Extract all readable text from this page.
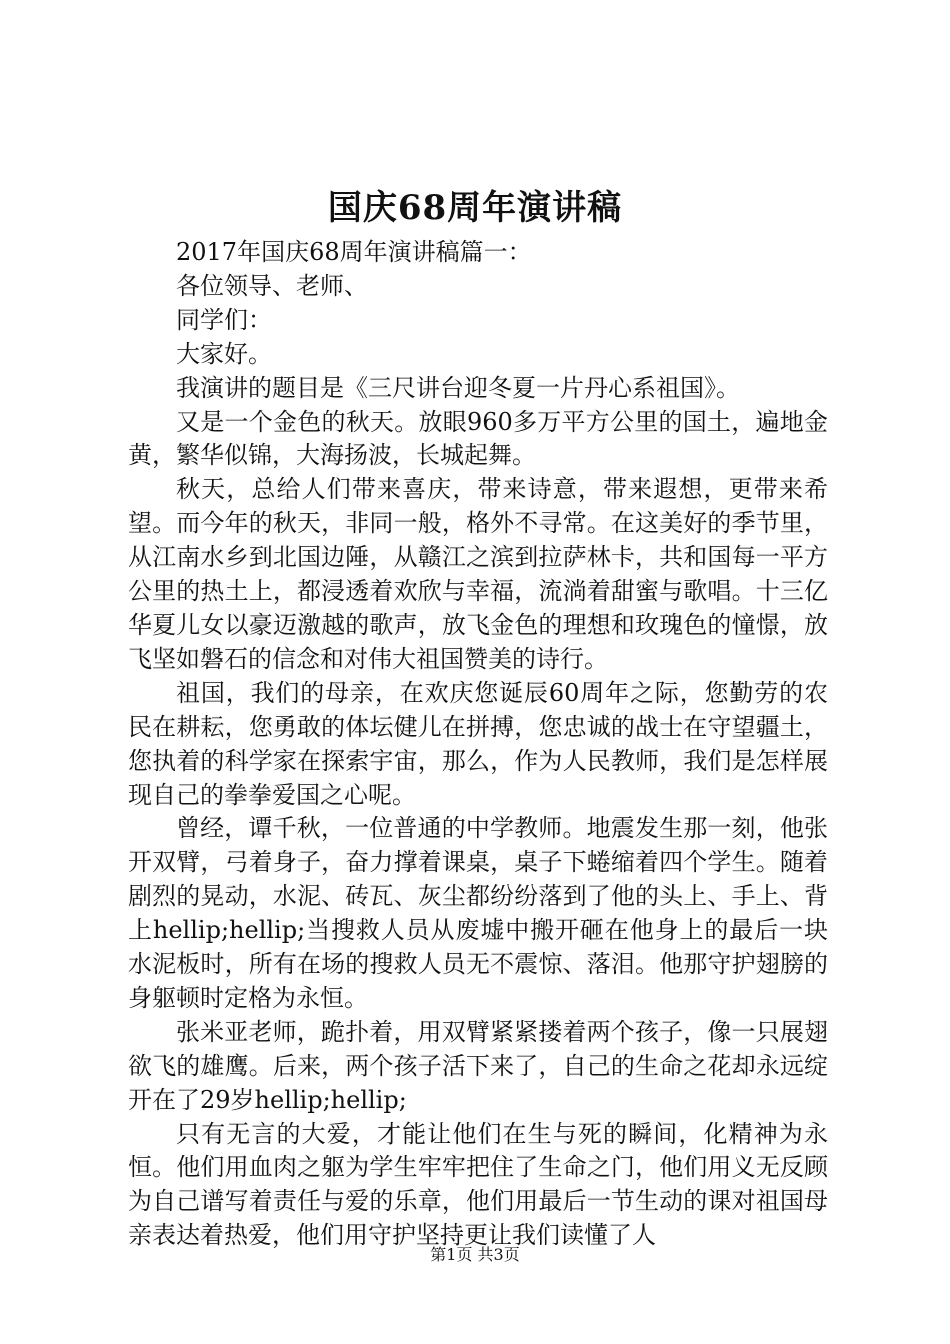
国庆68周年演讲稿

2017年国庆68周年演讲稿篇一：

各位领导、老师、

同学们：

大家好。

我演讲的题目是《三尺讲台迎冬夏一片丹心系祖国》。

又是一个金色的秋天。放眼960多万平方公里的国土，遍地金黄，繁华似锦，大海扬波，长城起舞。

秋天，总给人们带来喜庆，带来诗意，带来遐想，更带来希望。而今年的秋天，非同一般，格外不寻常。在这美好的季节里，从江南水乡到北国边陲，从赣江之滨到拉萨林卡，共和国每一平方公里的热土上，都浸透着欢欣与幸福，流淌着甜蜜与歌唱。十三亿华夏儿女以豪迈激越的歌声，放飞金色的理想和玫瑰色的憧憬，放飞坚如磐石的信念和对伟大祖国赞美的诗行。

祖国，我们的母亲，在欢庆您诞辰60周年之际，您勤劳的农民在耕耘，您勇敢的体坛健儿在拼搏，您忠诚的战士在守望疆土，您执着的科学家在探索宇宙，那么，作为人民教师，我们是怎样展现自己的拳拳爱国之心呢。

曾经，谭千秋，一位普通的中学教师。地震发生那一刻，他张开双臂，弓着身子，奋力撑着课桌，桌子下蜷缩着四个学生。随着剧烈的晃动，水泥、砖瓦、灰尘都纷纷落到了他的头上、手上、背上hellip;hellip;当搜救人员从废墟中搬开砸在他身上的最后一块水泥板时，所有在场的搜救人员无不震惊、落泪。他那守护翅膀的身躯顿时定格为永恒。

张米亚老师，跪扑着，用双臂紧紧搂着两个孩子，像一只展翅欲飞的雄鹰。后来，两个孩子活下来了，自己的生命之花却永远绽开在了29岁hellip;hellip;

只有无言的大爱，才能让他们在生与死的瞬间，化精神为永恒。他们用血肉之躯为学生牢牢把住了生命之门，他们用义无反顾为自己谱写着责任与爱的乐章，他们用最后一节生动的课对祖国母亲表达着热爱，他们用守护坚持更让我们读懂了人

第1页 共3页
